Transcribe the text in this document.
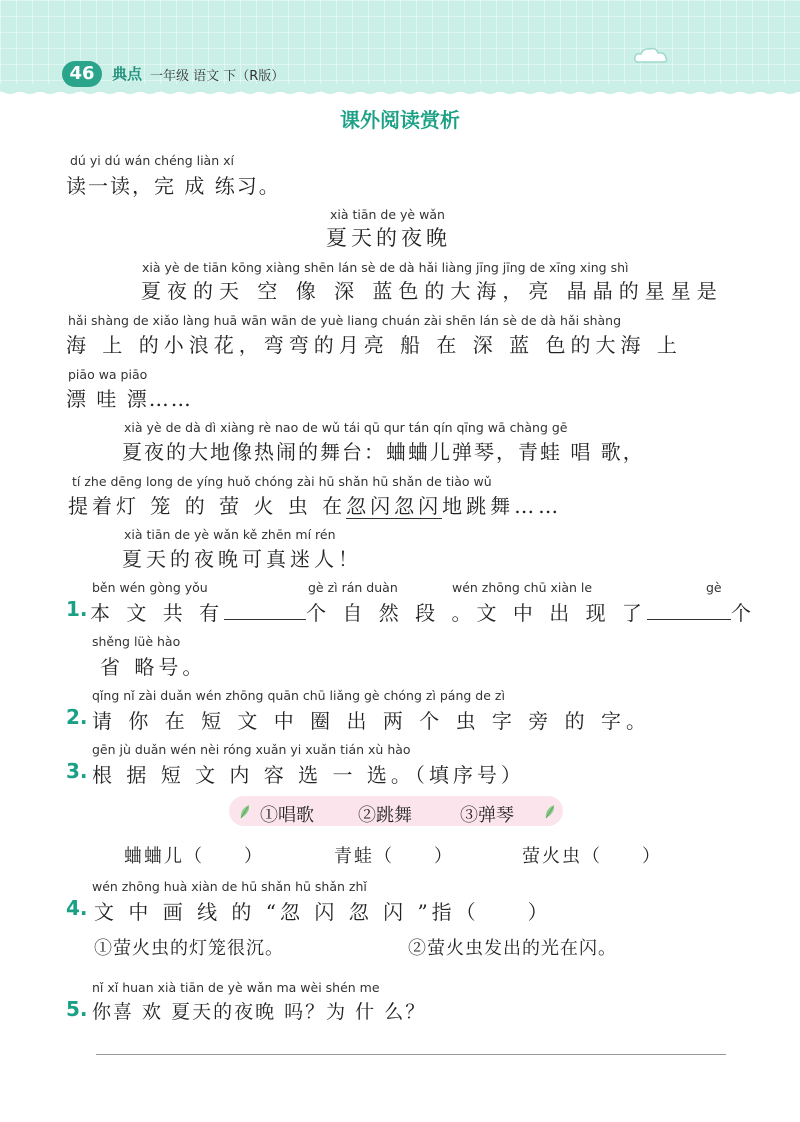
46	典点 一年级 语文 下（R版）
课外阅读赏析
dú yi dú wán chéng liàn xí
读一读，完 成 练习。
xià tiān de yè wǎn
夏天的夜晚
xià yè de tiān kōng xiàng shēn lán sè de dà hǎi liàng jīng jīng de xīng xing shì
夏夜的天 空 像 深 蓝色的大海，亮 晶晶的星星是
hǎi shàng de xiǎo làng huā wān wān de yuè liang chuán zài shēn lán sè de dà hǎi shàng
海 上 的小浪花，弯弯的月亮 船 在 深 蓝 色的大海 上
piāo wa piāo
漂 哇 漂……
xià yè de dà dì xiàng rè nao de wǔ tái qū qur tán qín qīng wā chàng gē
夏夜的大地像热闹的舞台：蛐蛐儿弹琴，青蛙 唱 歌，
tí zhe dēng long de yíng huǒ chóng zài hū shǎn hū shǎn de tiào wǔ
提着灯 笼 的 萤 火 虫 在忽闪忽闪地跳舞……
xià tiān de yè wǎn kě zhēn mí rén
夏天的夜晚可真迷人！
běn wén gòng yǒu	gè zì rán duàn	wén zhōng chū xiàn le	gè
1. 本 文 共 有	个 自 然 段 。文 中 出 现 了	个
shěng lüè hào
省 略号。
qǐng nǐ zài duǎn wén zhōng quān chū liǎng gè chóng zì páng de zì
2. 请 你 在 短 文 中 圈 出 两 个 虫 字 旁 的 字。
gēn jù duǎn wén nèi róng xuǎn yi xuǎn tián xù hào
3. 根 据 短 文 内 容 选 一 选。（填序号）
①唱歌 ②跳舞	③弹琴
蛐蛐儿（　　）	青蛙（　　）	萤火虫（　　）
wén zhōng huà xiàn de hū shǎn hū shǎn zhǐ
4. 文 中 画 线 的 “忽 闪 忽 闪 ”指（　　）
①萤火虫的灯笼很沉。	②萤火虫发出的光在闪。
nǐ xǐ huan xià tiān de yè wǎn ma wèi shén me
5. 你喜 欢 夏天的夜晚 吗？为 什 么？
